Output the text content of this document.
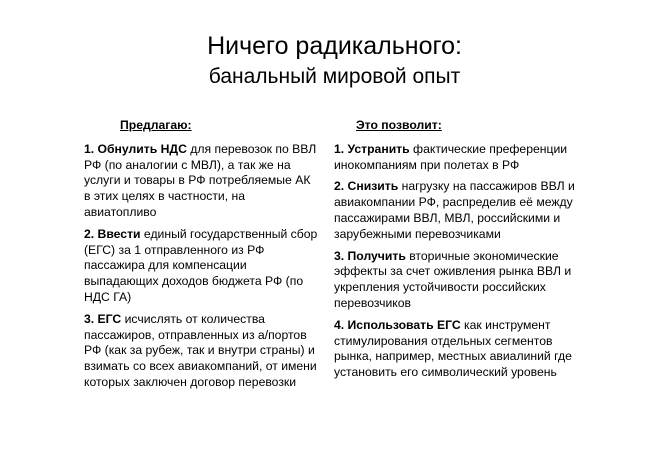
Ничего радикального:
банальный мировой опыт
Предлагаю:
1. Обнулить НДС для перевозок по ВВЛ РФ (по аналогии с МВЛ), а так же на услуги и товары в РФ потребляемые АК в этих целях в частности, на авиатопливо
2. Ввести единый государственный сбор (ЕГС) за 1 отправленного из РФ пассажира для компенсации выпадающих доходов бюджета РФ (по НДС ГА)
3. ЕГС исчислять от количества пассажиров, отправленных из а/портов РФ (как за рубеж, так и внутри страны) и взимать со всех авиакомпаний, от имени которых заключен договор перевозки
Это позволит:
1. Устранить фактические преференции инокомпаниям при полетах в РФ
2. Снизить нагрузку на пассажиров ВВЛ и авиакомпании РФ, распределив её между пассажирами ВВЛ, МВЛ, российскими и зарубежными перевозчиками
3. Получить вторичные экономические эффекты за счет оживления рынка ВВЛ и укрепления устойчивости российских перевозчиков
4. Использовать ЕГС как инструмент стимулирования отдельных сегментов рынка, например, местных авиалиний где установить его символический уровень
